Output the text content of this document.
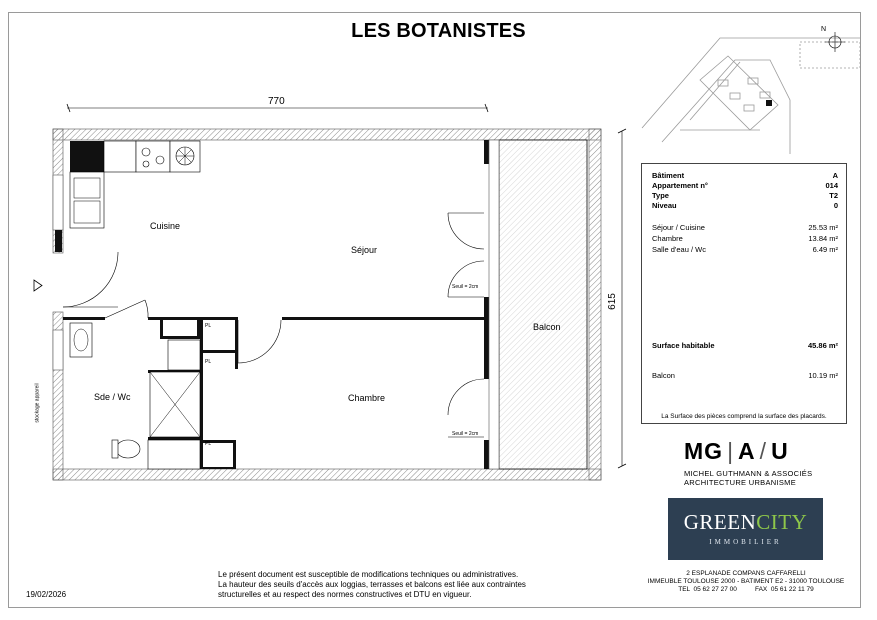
LES BOTANISTES	N
770
615
Cuisine
Séjour
Balcon
Sde / Wc	Chambre
Seuil = 2cm
Seuil = 2cm
PL
PL
PL
stockage appareil
Bâtiment	A
Appartement n°	014
Type	T2
Niveau	0
Séjour / Cuisine	25.53 m²
Chambre	13.84 m²
Salle d'eau / Wc	6.49 m²
Surface habitable	45.86 m²
Balcon	10.19 m²
La Surface des pièces comprend la surface des placards.
MG | A / U
MICHEL GUTHMANN & ASSOCIÉS
ARCHITECTURE URBANISME
GREENCITY
IMMOBILIER
2 ESPLANADE COMPANS CAFFARELLI
IMMEUBLE TOULOUSE 2000 - BATIMENT E2 - 31000 TOULOUSE
TEL  05 62 27 27 00          FAX  05 61 22 11 79
Le présent document est susceptible de modifications techniques ou administratives.
La hauteur des seuils d'accès aux loggias, terrasses et balcons est liée aux contraintes
structurelles et au respect des normes constructives et DTU en vigueur.
19/02/2026
